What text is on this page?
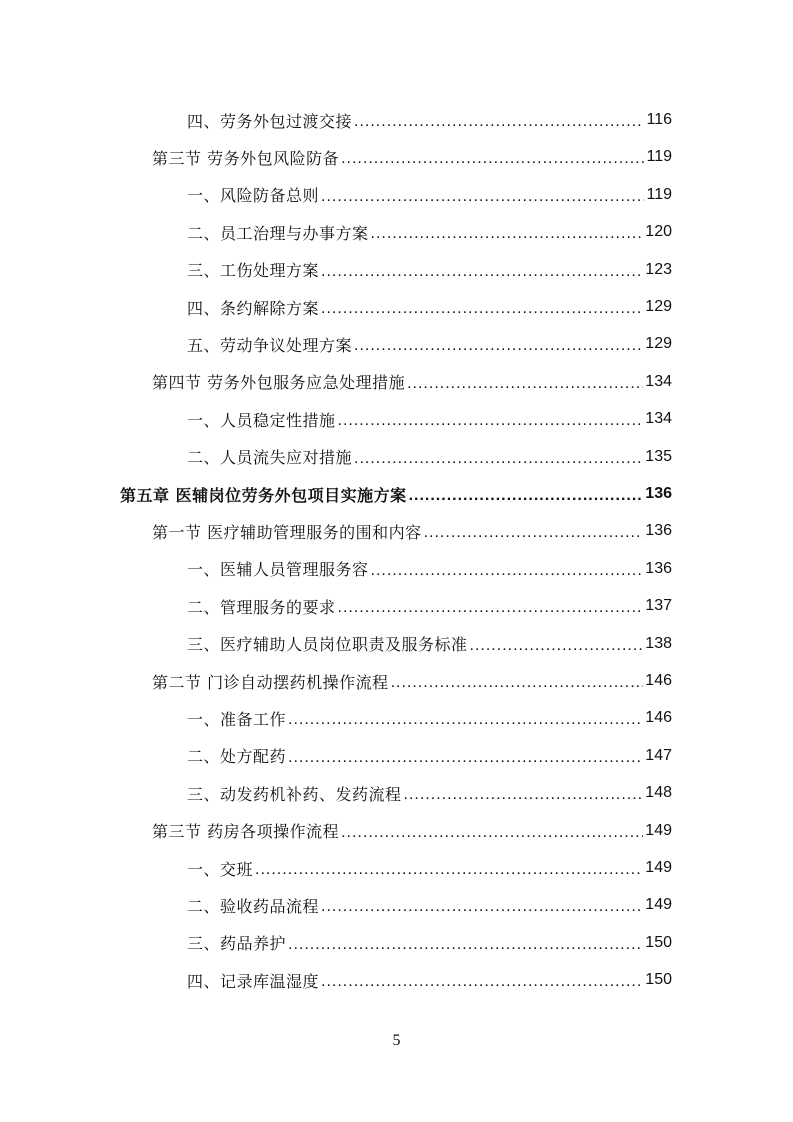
四、劳务外包过渡交接 .....	116
第三节 劳务外包风险防备 .....	119
一、风险防备总则 .....	119
二、员工治理与办事方案 .....	120
三、工伤处理方案 .....	123
四、条约解除方案 .....	129
五、劳动争议处理方案 .....	129
第四节 劳务外包服务应急处理措施 .....	134
一、人员稳定性措施 .....	134
二、人员流失应对措施 .....	135
第五章 医辅岗位劳务外包项目实施方案 .....	136
第一节 医疗辅助管理服务的围和内容 .....	136
一、医辅人员管理服务容 .....	136
二、管理服务的要求 .....	137
三、医疗辅助人员岗位职责及服务标准 .....	138
第二节 门诊自动摆药机操作流程 .....	146
一、准备工作 .....	146
二、处方配药 .....	147
三、动发药机补药、发药流程 .....	148
第三节 药房各项操作流程 .....	149
一、交班 .....	149
二、验收药品流程 .....	149
三、药品养护 .....	150
四、记录库温湿度 .....	150
5
